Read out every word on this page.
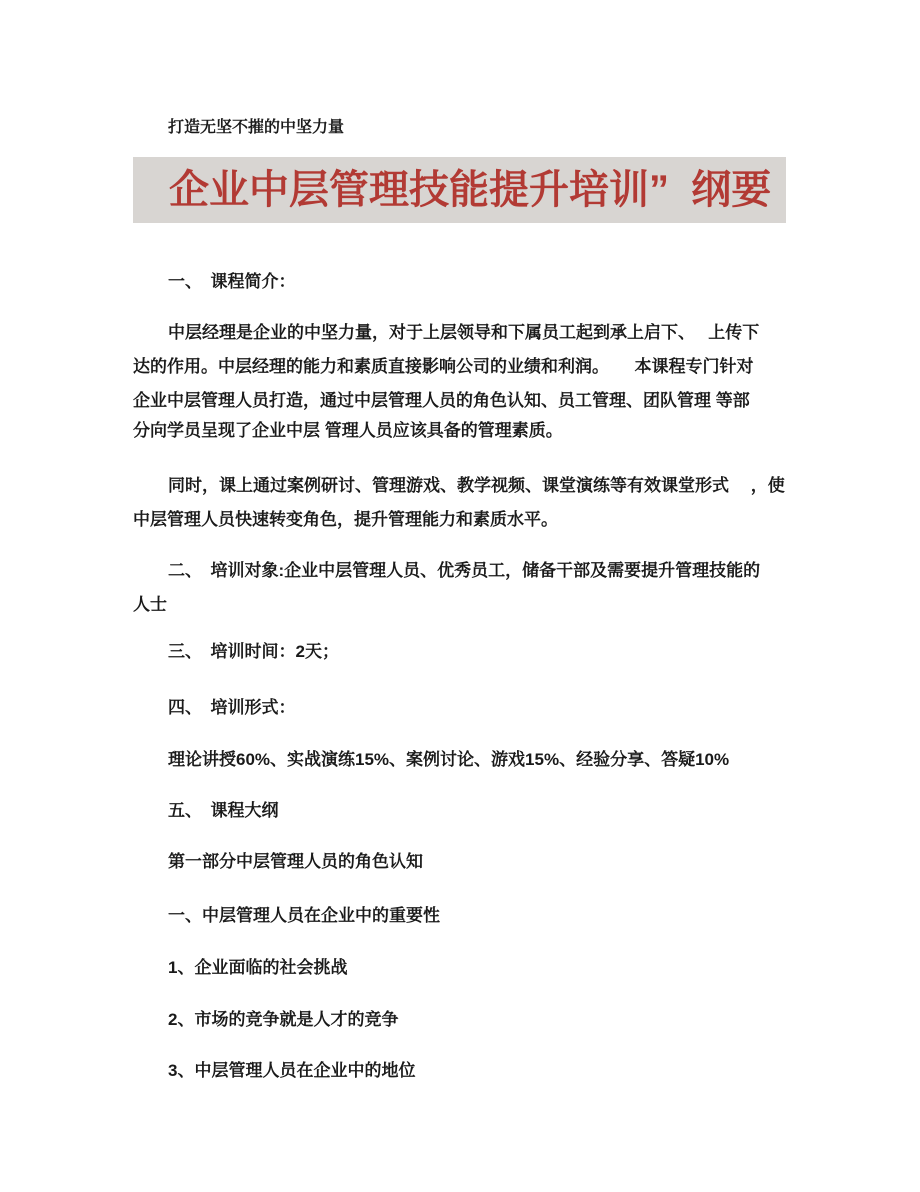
打造无坚不摧的中坚力量
企业中层管理技能提升培训”  纲要
一、　课程简介：
中层经理是企业的中坚力量，对于上层领导和下属员工起到承上启下、　 上传下
达的作用。中层经理的能力和素质直接影响公司的业绩和利润。　　本课程专门针对
企业中层管理人员打造，通过中层管理人员的角色认知、员工管理、团队管理 等部
分向学员呈现了企业中层 管理人员应该具备的管理素质。
同时，课上通过案例研讨、管理游戏、教学视频、课堂演练等有效课堂形式　 ，使
中层管理人员快速转变角色，提升管理能力和素质水平。
二、　培训对象:企业中层管理人员、优秀员工，储备干部及需要提升管理技能的
人士
三、　培训时间：2天；
四、　培训形式：
理论讲授60%、实战演练15%、案例讨论、游戏15%、经验分享、答疑10%
五、　课程大纲
第一部分中层管理人员的角色认知
一、中层管理人员在企业中的重要性
1、企业面临的社会挑战
2、市场的竞争就是人才的竞争
3、中层管理人员在企业中的地位
